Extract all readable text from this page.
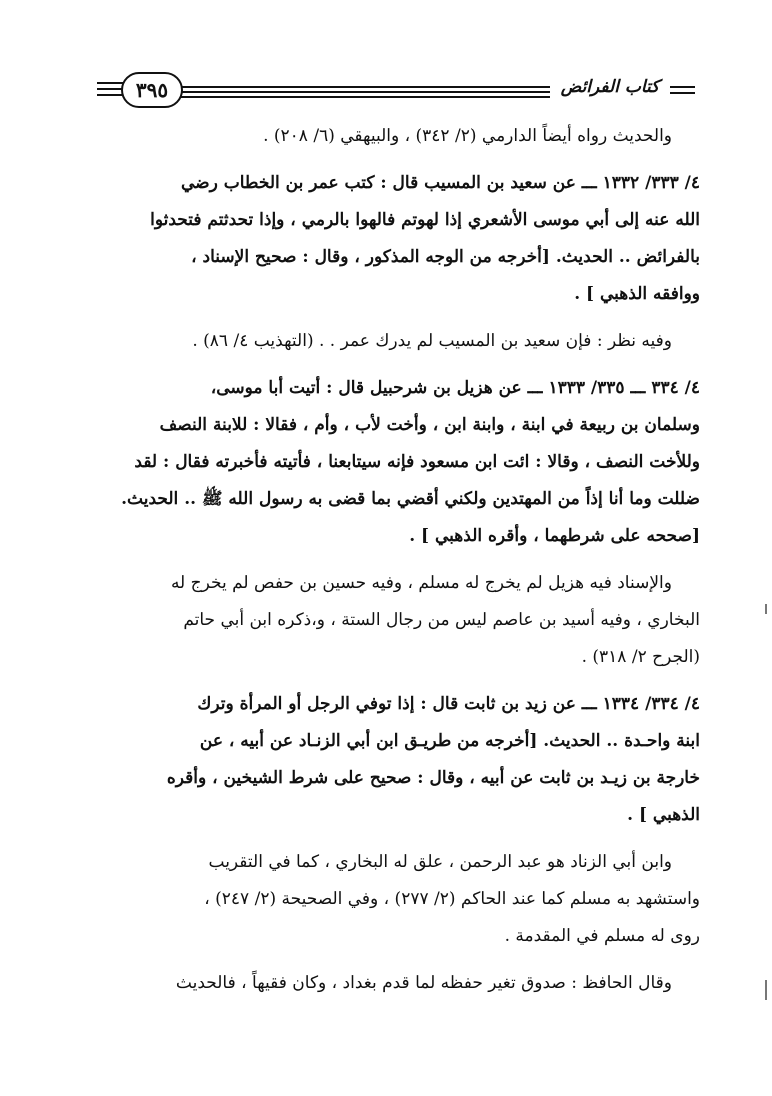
٣٩٥	كتاب الفرائض
والحديث رواه أيضاً الدارمي (٢/ ٣٤٢) ، والبيهقي (٦/ ٢٠٨) .
٤/ ٣٣٣/ ١٣٣٢ ـــ عن سعيد بن المسيب قال : كتب عمر بن الخطاب رضي
الله عنه إلى أبي موسى الأشعري إذا لهوتم فالهوا بالرمي ، وإذا تحدثتم فتحدثوا
بالفرائض .. الحديث. [أخرجه من الوجه المذكور ، وقال : صحيح الإسناد ،
ووافقه الذهبي ] .
وفيه نظر : فإن سعيد بن المسيب لم يدرك عمر . . (التهذيب ٤/ ٨٦) .
٤/ ٣٣٤ ـــ ٣٣٥/ ١٣٣٣ ـــ عن هزيل بن شرحبيل قال : أتيت أبا موسى،
وسلمان بن ربيعة في ابنة ، وابنة ابن ، وأخت لأب ، وأم ، فقالا : للابنة النصف
وللأخت النصف ، وقالا : ائت ابن مسعود فإنه سيتابعنا ، فأتيته فأخبرته فقال : لقد
ضللت وما أنا إذاً من المهتدين ولكني أقضي بما قضى به رسول الله ﷺ .. الحديث.
[صححه على شرطهما ، وأقره الذهبي ] .
والإسناد فيه هزيل لم يخرج له مسلم ، وفيه حسين بن حفص لم يخرج له
البخاري ، وفيه أسيد بن عاصم ليس من رجال الستة ، و،ذكره ابن أبي حاتم
(الجرح ٢/ ٣١٨) .
٤/ ٣٣٤/ ١٣٣٤ ـــ عن زيد بن ثابت قال : إذا توفي الرجل أو المرأة وترك
ابنة واحـدة .. الحديث. [أخرجه من طريـق ابن أبي الزنـاد عن أبيه ، عن
خارجة بن زيـد بن ثابت عن أبيه ، وقال : صحيح على شرط الشيخين ، وأقره
الذهبي ] .
وابن أبي الزناد هو عبد الرحمن ، علق له البخاري ، كما في التقريب
واستشهد به مسلم كما عند الحاكم (٢/ ٢٧٧) ، وفي الصحيحة (٢/ ٢٤٧) ،
روى له مسلم في المقدمة .
وقال الحافظ : صدوق تغير حفظه لما قدم بغداد ، وكان فقيهاً ، فالحديث
